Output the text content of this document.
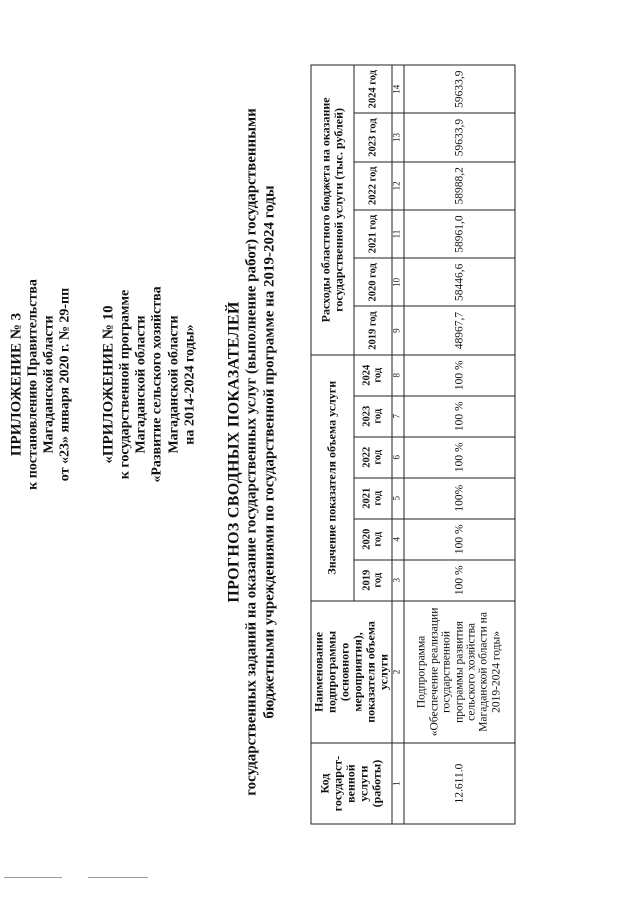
ПРИЛОЖЕНИЕ № 3 к постановлению Правительства Магаданской области от «23» января 2020 г. № 29-пп «ПРИЛОЖЕНИЕ № 10 к государственной программе Магаданской области «Развитие сельского хозяйства Магаданской области на 2014-2024 годы» ПРОГНОЗ СВОДНЫХ ПОКАЗАТЕЛЕЙ государственных заданий на оказание государственных услуг (выполнение работ) государственными бюджетными учреждениями по государственной программе на 2019-2024 годы
Код государст-венной услуги (работы)	Наименование подпрограммы (основного мероприятия), показателя объема услуги	Значение показателя объема услуги						Расходы областного бюджета на оказание государственной услуги (тыс. рублей)					
		2019 год	2020 год	2021 год	2022 год	2023 год	2024 год	2019 год	2020 год	2021 год	2022 год	2023 год	2024 год
1	2	3	4	5	6	7	8	9	10	11	12	13	14
12.611.0	Подпрограмма «Обеспечение реализации государственной программы развития сельского хозяйства Магаданской области на 2019-2024 годы»	100 %	100 %	100%	100 %	100 %	100 %	48967,7	58446,6	58961,0	58988,2	59633,9	59633,9
